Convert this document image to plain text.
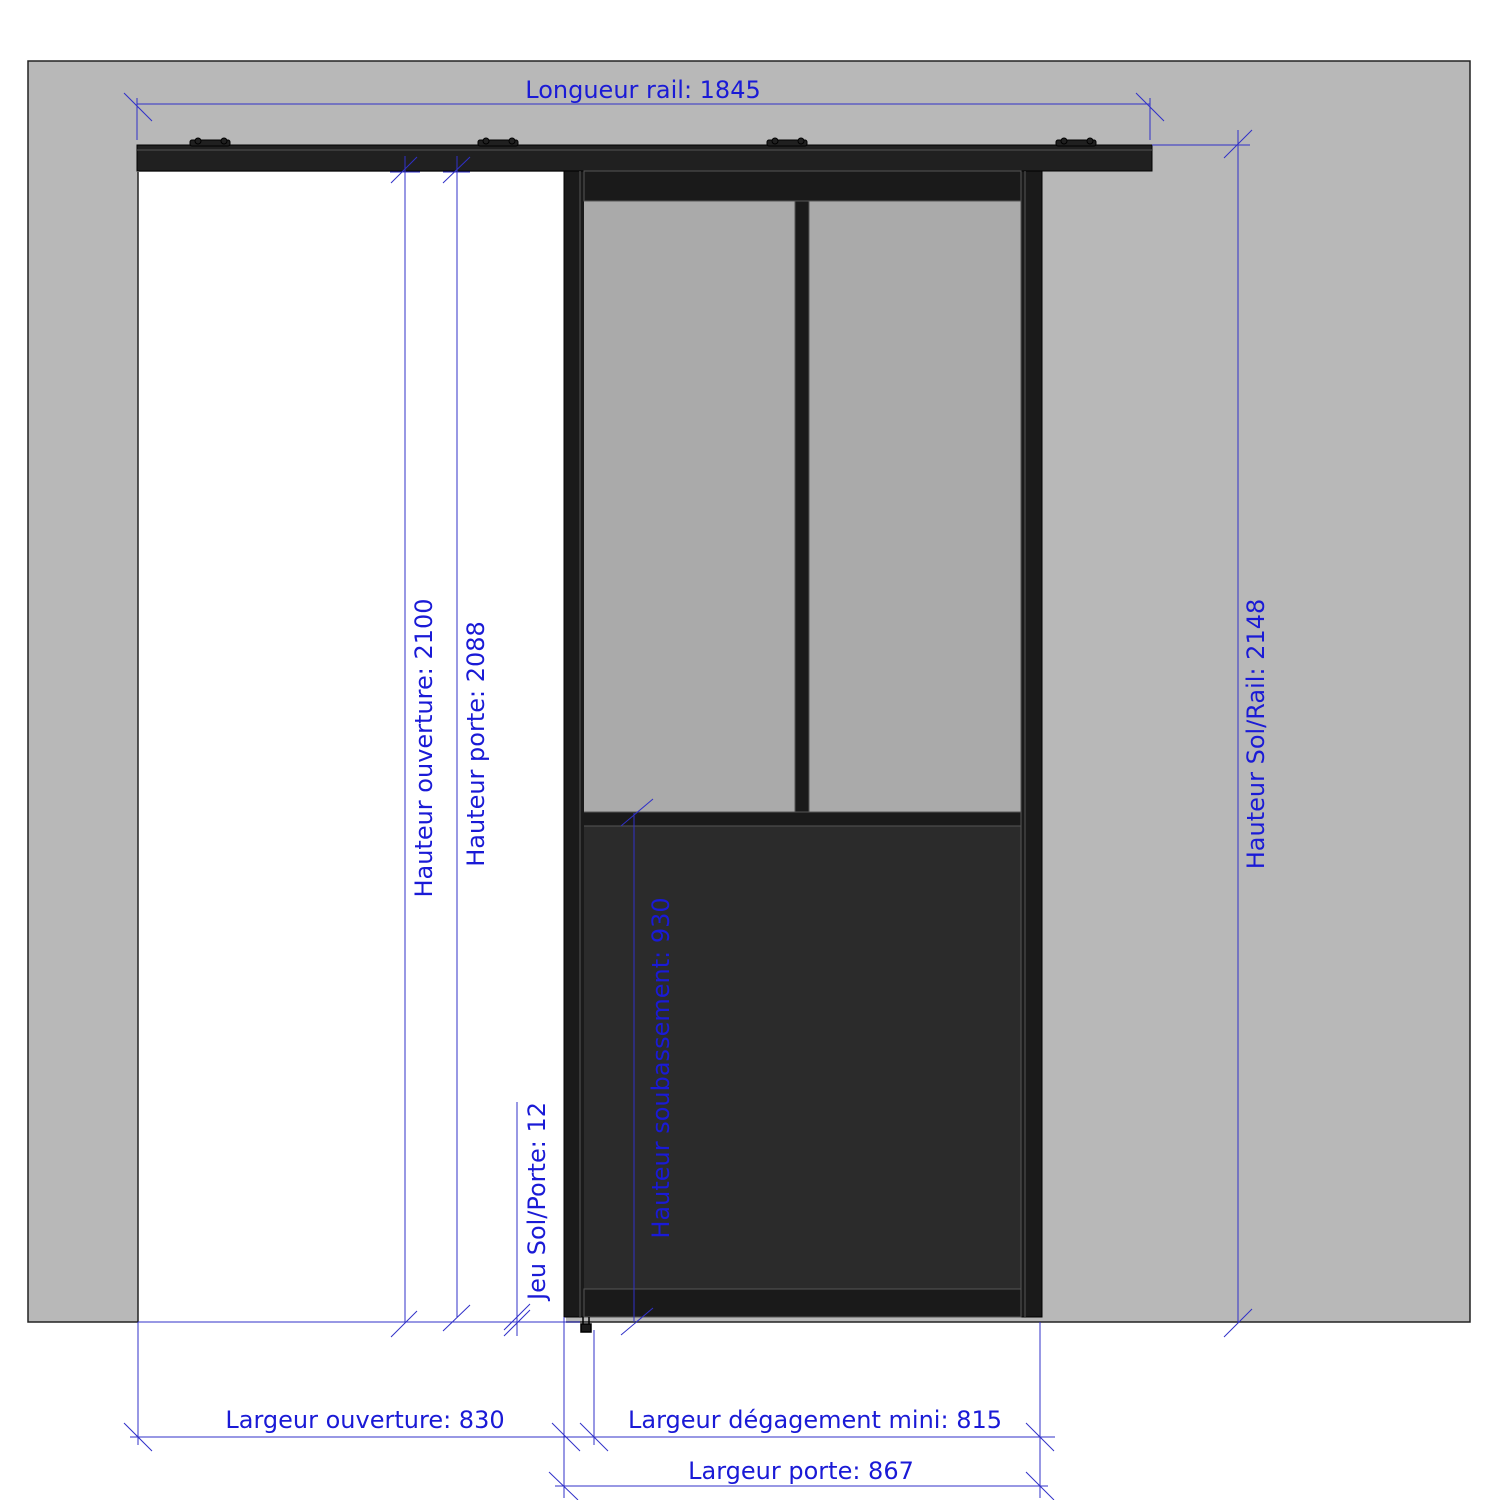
Longueur rail: 1845
Hauteur ouverture: 2100 Hauteur porte: 2088
Jeu Sol/Porte: 12	Hauteur soubassement: 930
Hauteur Sol/Rail: 2148
Largeur ouverture: 830	Largeur dégagement mini: 815
Largeur porte: 867
